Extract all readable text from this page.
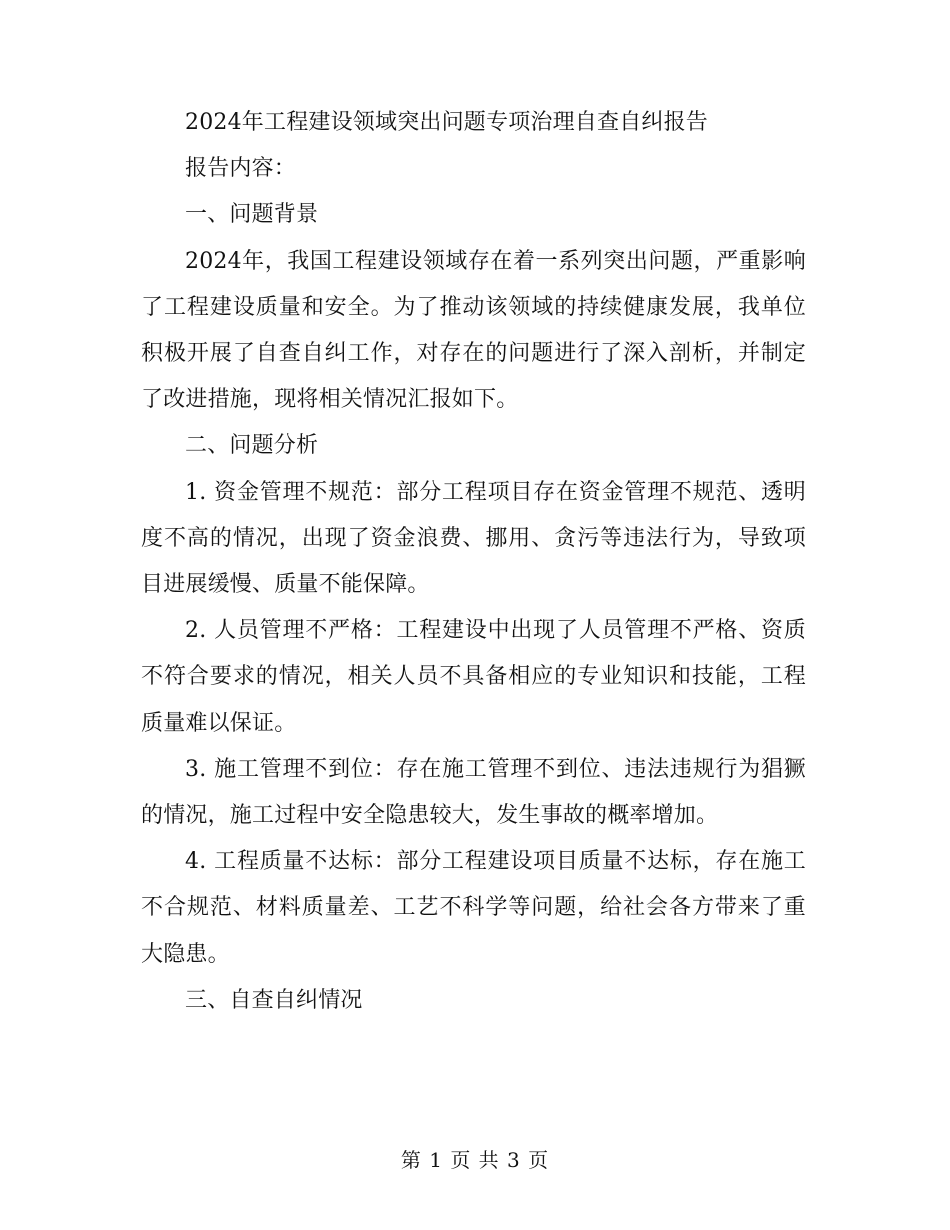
2024年工程建设领域突出问题专项治理自查自纠报告

报告内容：

一、问题背景

2024年，我国工程建设领域存在着一系列突出问题，严重影响了工程建设质量和安全。为了推动该领域的持续健康发展，我单位积极开展了自查自纠工作，对存在的问题进行了深入剖析，并制定了改进措施，现将相关情况汇报如下。

二、问题分析

1. 资金管理不规范：部分工程项目存在资金管理不规范、透明度不高的情况，出现了资金浪费、挪用、贪污等违法行为，导致项目进展缓慢、质量不能保障。

2. 人员管理不严格：工程建设中出现了人员管理不严格、资质不符合要求的情况，相关人员不具备相应的专业知识和技能，工程质量难以保证。

3. 施工管理不到位：存在施工管理不到位、违法违规行为猖獗的情况，施工过程中安全隐患较大，发生事故的概率增加。

4. 工程质量不达标：部分工程建设项目质量不达标，存在施工不合规范、材料质量差、工艺不科学等问题，给社会各方带来了重大隐患。

三、自查自纠情况

第 1 页 共 3 页
